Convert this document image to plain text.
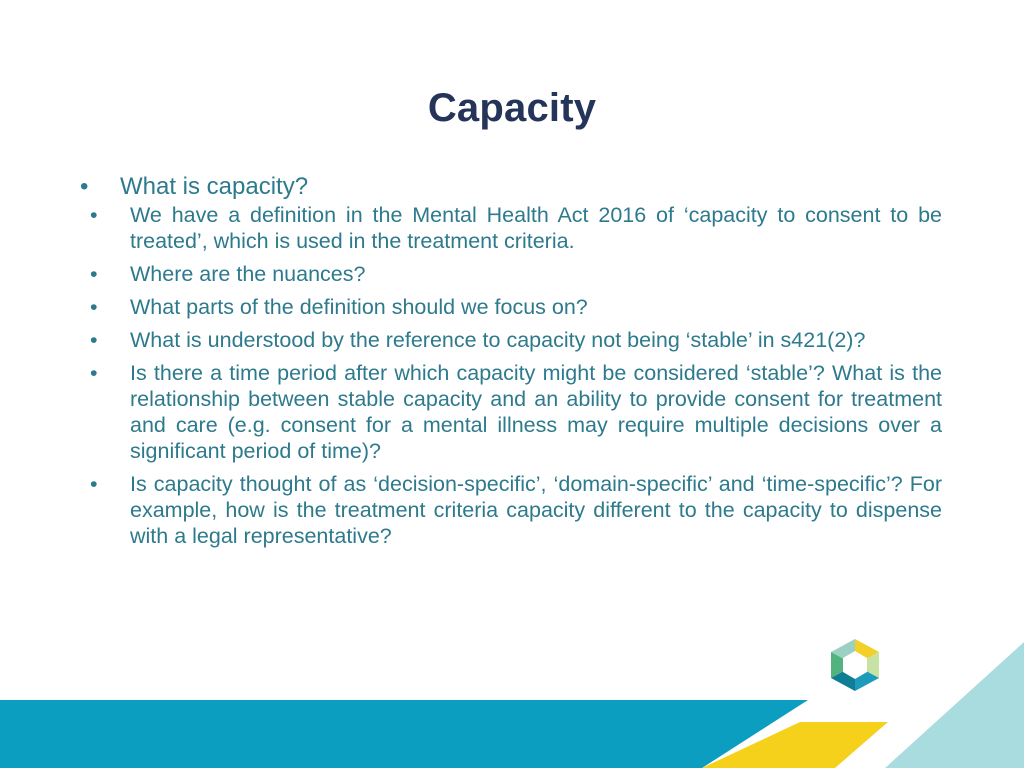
Capacity
• What is capacity?
• We have a definition in the Mental Health Act 2016 of ‘capacity to consent to be treated’, which is used in the treatment criteria.
• Where are the nuances?
• What parts of the definition should we focus on?
• What is understood by the reference to capacity not being ‘stable’ in s421(2)?
• Is there a time period after which capacity might be considered ‘stable’? What is the relationship between stable capacity and an ability to provide consent for treatment and care (e.g. consent for a mental illness may require multiple decisions over a significant period of time)?
• Is capacity thought of as ‘decision-specific’, ‘domain-specific’ and ‘time-specific’? For example, how is the treatment criteria capacity different to the capacity to dispense with a legal representative?
